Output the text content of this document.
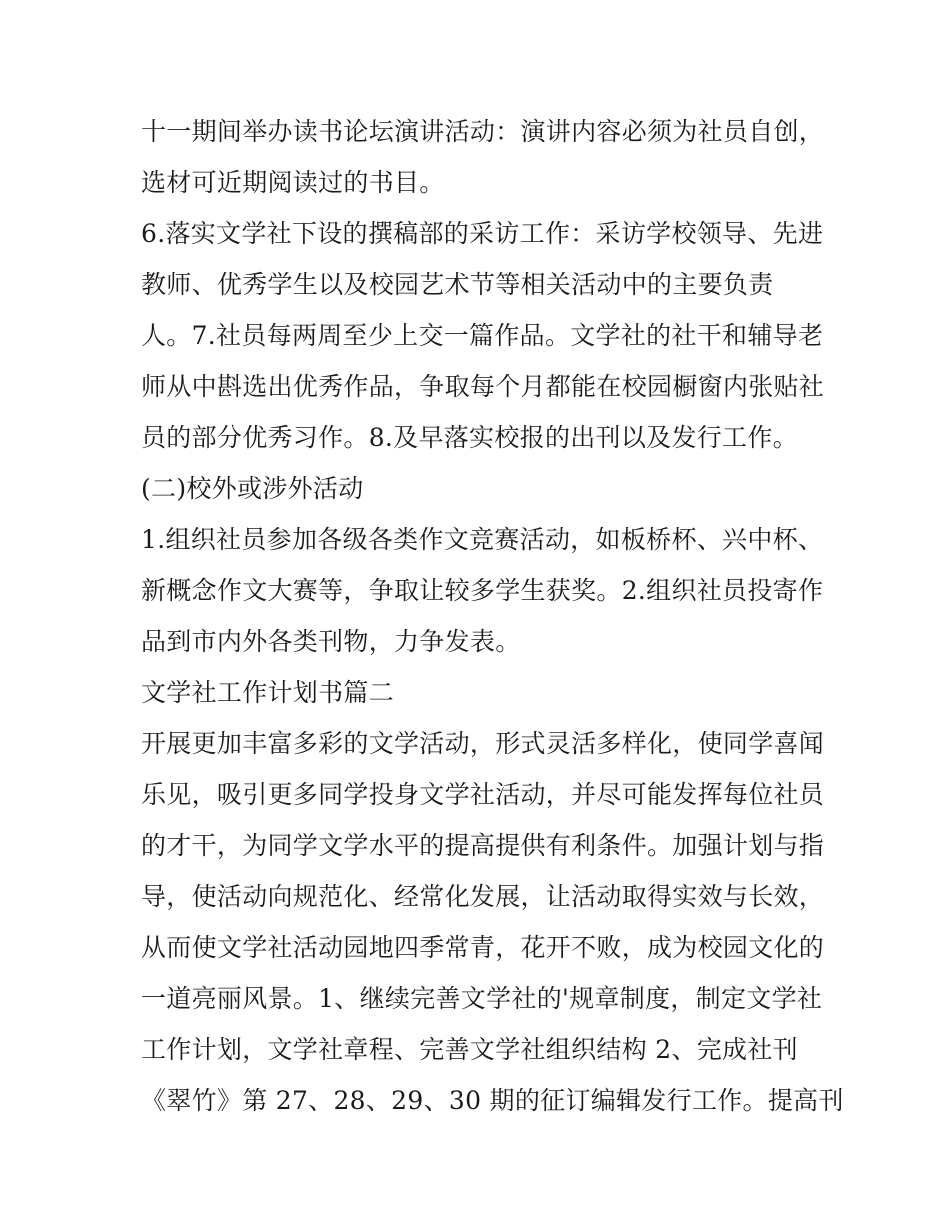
十一期间举办读书论坛演讲活动：演讲内容必须为社员自创，
选材可近期阅读过的书目。
6.落实文学社下设的撰稿部的采访工作：采访学校领导、先进
教师、优秀学生以及校园艺术节等相关活动中的主要负责
人。7.社员每两周至少上交一篇作品。文学社的社干和辅导老
师从中斟选出优秀作品，争取每个月都能在校园橱窗内张贴社
员的部分优秀习作。8.及早落实校报的出刊以及发行工作。
(二)校外或涉外活动
1.组织社员参加各级各类作文竞赛活动，如板桥杯、兴中杯、
新概念作文大赛等，争取让较多学生获奖。2.组织社员投寄作
品到市内外各类刊物，力争发表。
文学社工作计划书篇二
开展更加丰富多彩的文学活动，形式灵活多样化，使同学喜闻
乐见，吸引更多同学投身文学社活动，并尽可能发挥每位社员
的才干，为同学文学水平的提高提供有利条件。加强计划与指
导，使活动向规范化、经常化发展，让活动取得实效与长效，
从而使文学社活动园地四季常青，花开不败，成为校园文化的
一道亮丽风景。1、继续完善文学社的'规章制度，制定文学社
工作计划，文学社章程、完善文学社组织结构 2、完成社刊
《翠竹》第 27、28、29、30 期的征订编辑发行工作。提高刊
